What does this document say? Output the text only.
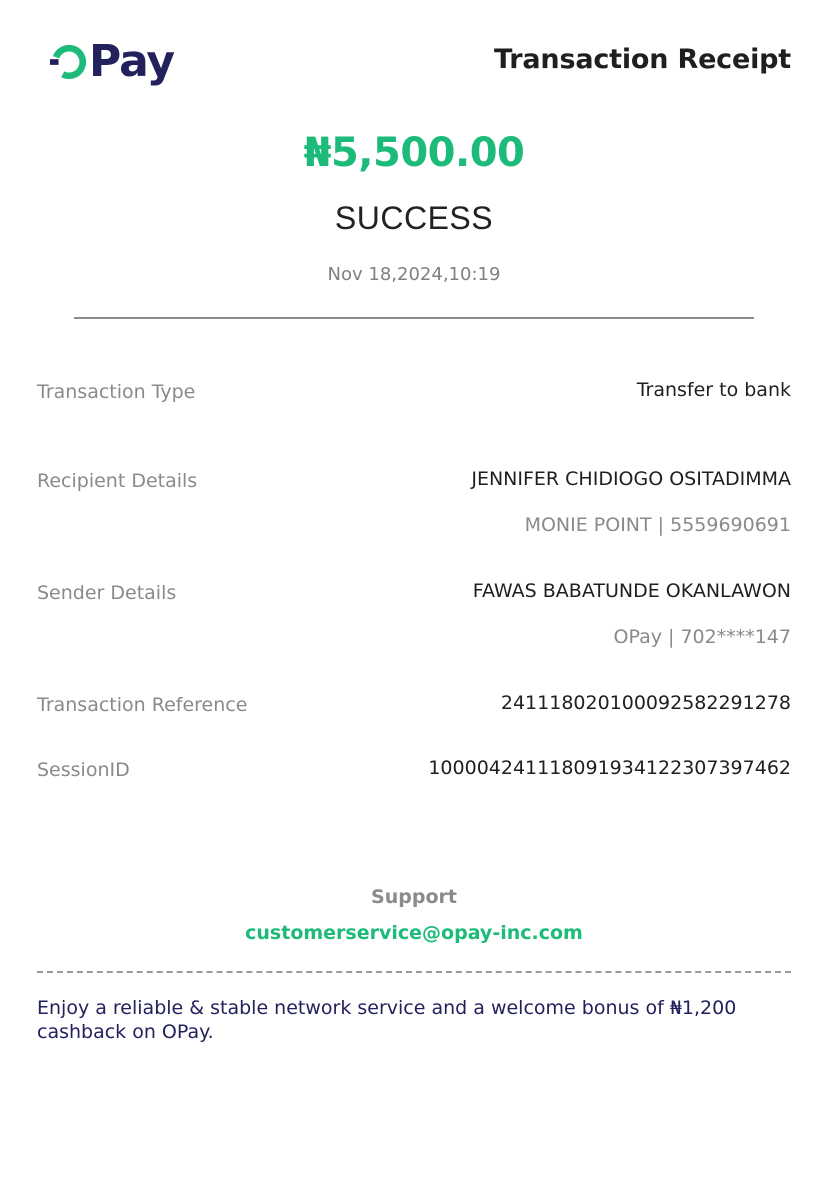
Pay	Transaction Receipt
₦5,500.00
SUCCESS
Nov 18,2024,10:19
Transaction Type	Transfer to bank
Recipient Details	JENNIFER CHIDIOGO OSITADIMMA
MONIE POINT | 5559690691
Sender Details	FAWAS BABATUNDE OKANLAWON
OPay | 702****147
Transaction Reference	241118020100092582291278
SessionID	100004241118091934122307397462
Support
customerservice@opay-inc.com
Enjoy a reliable & stable network service and a welcome bonus of ₦1,200 cashback on OPay.
